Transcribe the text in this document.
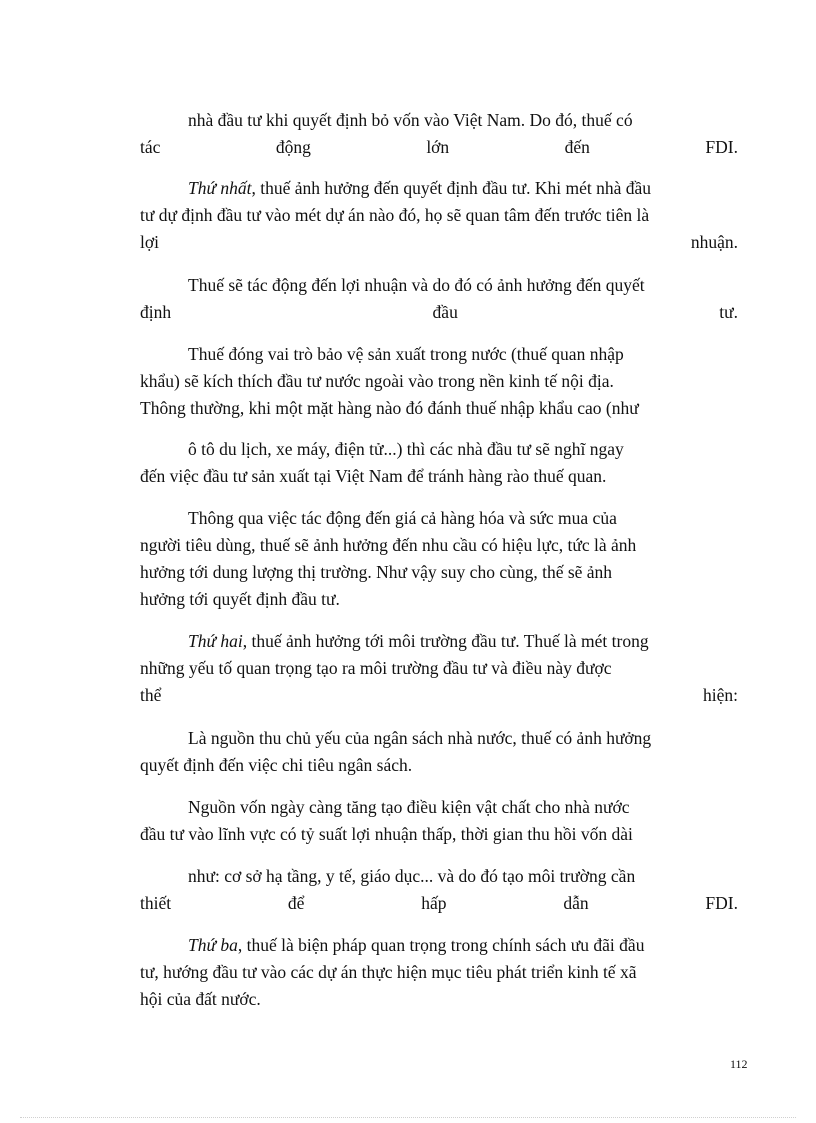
nhà đầu tư khi quyết định bỏ vốn vào Việt Nam. Do đó, thuế có
tác	động	lớn	đến	FDI.
Thứ nhất, thuế ảnh hưởng đến quyết định đầu tư. Khi mét nhà đầu
tư dự định đầu tư vào mét dự án nào đó, họ sẽ quan tâm đến trước tiên là
lợi	nhuận.
Thuế sẽ tác động đến lợi nhuận và do đó có ảnh hưởng đến quyết
định	đầu	tư.
Thuế đóng vai trò bảo vệ sản xuất trong nước (thuế quan nhập
khẩu) sẽ kích thích đầu tư nước ngoài vào trong nền kinh tế nội địa.
Thông thường, khi một mặt hàng nào đó đánh thuế nhập khẩu cao (như
ô tô du lịch, xe máy, điện tử...) thì các nhà đầu tư sẽ nghĩ ngay
đến việc đầu tư sản xuất tại Việt Nam để tránh hàng rào thuế quan.
Thông qua việc tác động đến giá cả hàng hóa và sức mua của
người tiêu dùng, thuế sẽ ảnh hưởng đến nhu cầu có hiệu lực, tức là ảnh
hưởng tới dung lượng thị trường. Như vậy suy cho cùng, thế sẽ ảnh
hưởng tới quyết định đầu tư.
Thứ hai, thuế ảnh hưởng tới môi trường đầu tư. Thuế là mét trong
những yếu tố quan trọng tạo ra môi trường đầu tư và điều này được
thể	hiện:
Là nguồn thu chủ yếu của ngân sách nhà nước, thuế có ảnh hưởng
quyết định đến việc chi tiêu ngân sách.
Nguồn vốn ngày càng tăng tạo điều kiện vật chất cho nhà nước
đầu tư vào lĩnh vực có tỷ suất lợi nhuận thấp, thời gian thu hồi vốn dài
như: cơ sở hạ tầng, y tế, giáo dục... và do đó tạo môi trường cần
thiết	để	hấp	dẫn	FDI.
Thứ ba, thuế là biện pháp quan trọng trong chính sách ưu đãi đầu
tư, hướng đầu tư vào các dự án thực hiện mục tiêu phát triển kinh tế xã
hội của đất nước.
112
